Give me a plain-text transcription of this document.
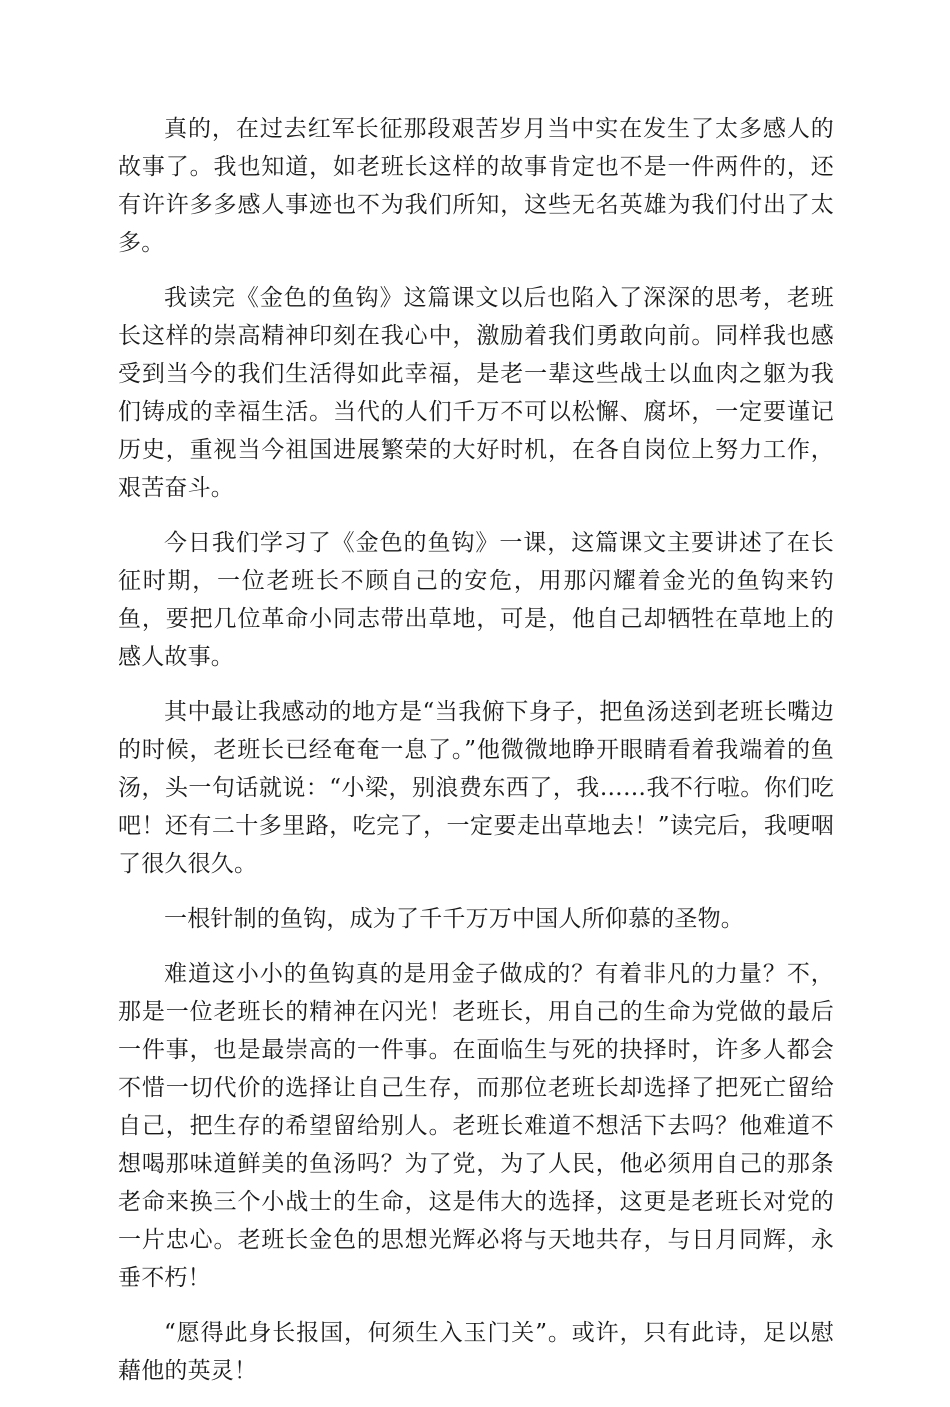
真的，在过去红军长征那段艰苦岁月当中实在发生了太多感人的故事了。我也知道，如老班长这样的故事肯定也不是一件两件的，还有许许多多感人事迹也不为我们所知，这些无名英雄为我们付出了太多。

我读完《金色的鱼钩》这篇课文以后也陷入了深深的思考，老班长这样的崇高精神印刻在我心中，激励着我们勇敢向前。同样我也感受到当今的我们生活得如此幸福，是老一辈这些战士以血肉之躯为我们铸成的幸福生活。当代的人们千万不可以松懈、腐坏，一定要谨记历史，重视当今祖国进展繁荣的大好时机，在各自岗位上努力工作，艰苦奋斗。

今日我们学习了《金色的鱼钩》一课，这篇课文主要讲述了在长征时期，一位老班长不顾自己的安危，用那闪耀着金光的鱼钩来钓鱼，要把几位革命小同志带出草地，可是，他自己却牺牲在草地上的感人故事。

其中最让我感动的地方是“当我俯下身子，把鱼汤送到老班长嘴边的时候，老班长已经奄奄一息了。”他微微地睁开眼睛看着我端着的鱼汤，头一句话就说：“小梁，别浪费东西了，我……我不行啦。你们吃吧！还有二十多里路，吃完了，一定要走出草地去！”读完后，我哽咽了很久很久。

一根针制的鱼钩，成为了千千万万中国人所仰慕的圣物。

难道这小小的鱼钩真的是用金子做成的？有着非凡的力量？不，那是一位老班长的精神在闪光！老班长，用自己的生命为党做的最后一件事，也是最崇高的一件事。在面临生与死的抉择时，许多人都会不惜一切代价的选择让自己生存，而那位老班长却选择了把死亡留给自己，把生存的希望留给别人。老班长难道不想活下去吗？他难道不想喝那味道鲜美的鱼汤吗？为了党，为了人民，他必须用自己的那条老命来换三个小战士的生命，这是伟大的选择，这更是老班长对党的一片忠心。老班长金色的思想光辉必将与天地共存，与日月同辉，永垂不朽！

“愿得此身长报国，何须生入玉门关”。或许，只有此诗，足以慰藉他的英灵！
